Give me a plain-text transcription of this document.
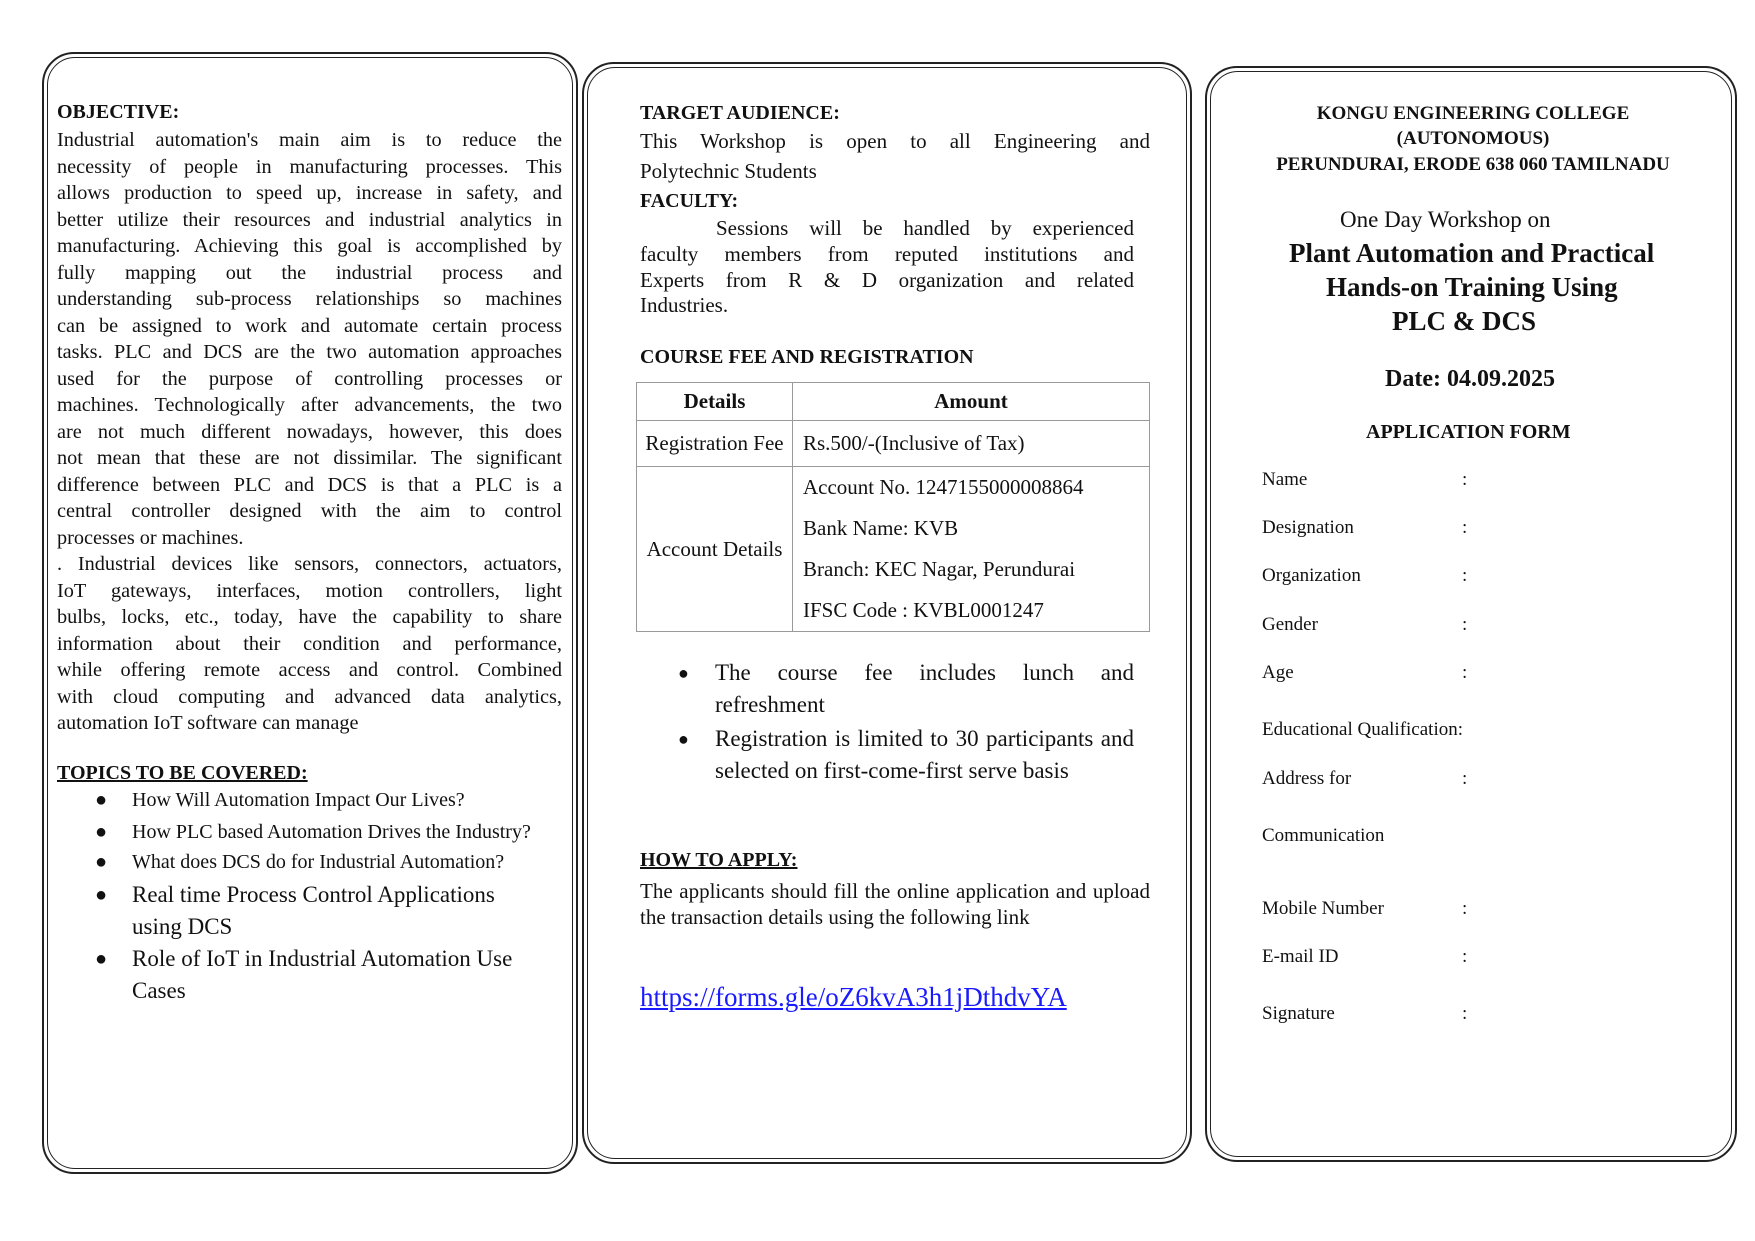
OBJECTIVE:
Industrial automation's main aim is to reduce the
necessity of people in manufacturing processes. This
allows production to speed up, increase in safety, and
better utilize their resources and industrial analytics in
manufacturing. Achieving this goal is accomplished by
fully mapping out the industrial process and
understanding sub-process relationships so machines
can be assigned to work and automate certain process
tasks. PLC and DCS are the two automation approaches
used for the purpose of controlling processes or
machines. Technologically after advancements, the two
are not much different nowadays, however, this does
not mean that these are not dissimilar. The significant
difference between PLC and DCS is that a PLC is a
central controller designed with the aim to control
processes or machines.
. Industrial devices like sensors, connectors, actuators,
IoT gateways, interfaces, motion controllers, light
bulbs, locks, etc., today, have the capability to share
information about their condition and performance,
while offering remote access and control. Combined
with cloud computing and advanced data analytics,
automation IoT software can manage
TOPICS TO BE COVERED:
● How Will Automation Impact Our Lives?
● How PLC based Automation Drives the Industry?
● What does DCS do for Industrial Automation?
● Real time Process Control Applications using DCS
● Role of IoT in Industrial Automation Use Cases
TARGET AUDIENCE:
This Workshop is open to all Engineering and
Polytechnic Students
FACULTY:
Sessions will be handled by experienced
faculty members from reputed institutions and
Experts from R & D organization and related
Industries.
COURSE FEE AND REGISTRATION
Details	Amount
Registration Fee	Rs.500/-(Inclusive of Tax)
Account Details	Account No. 1247155000008864
Bank Name: KVB
Branch: KEC Nagar, Perundurai
IFSC Code : KVBL0001247
● The course fee includes lunch and refreshment
● Registration is limited to 30 participants and selected on first-come-first serve basis
HOW TO APPLY:
The applicants should fill the online application and upload the transaction details using the following link
https://forms.gle/oZ6kvA3h1jDthdvYA
KONGU ENGINEERING COLLEGE
(AUTONOMOUS)
PERUNDURAI, ERODE 638 060 TAMILNADU
One Day Workshop on
Plant Automation and Practical
Hands-on Training Using
PLC & DCS
Date: 04.09.2025
APPLICATION FORM
Name	:
Designation	:
Organization	:
Gender	:
Age	:
Educational Qualification:
Address for	:
Communication
Mobile Number	:
E-mail ID	:
Signature	:
